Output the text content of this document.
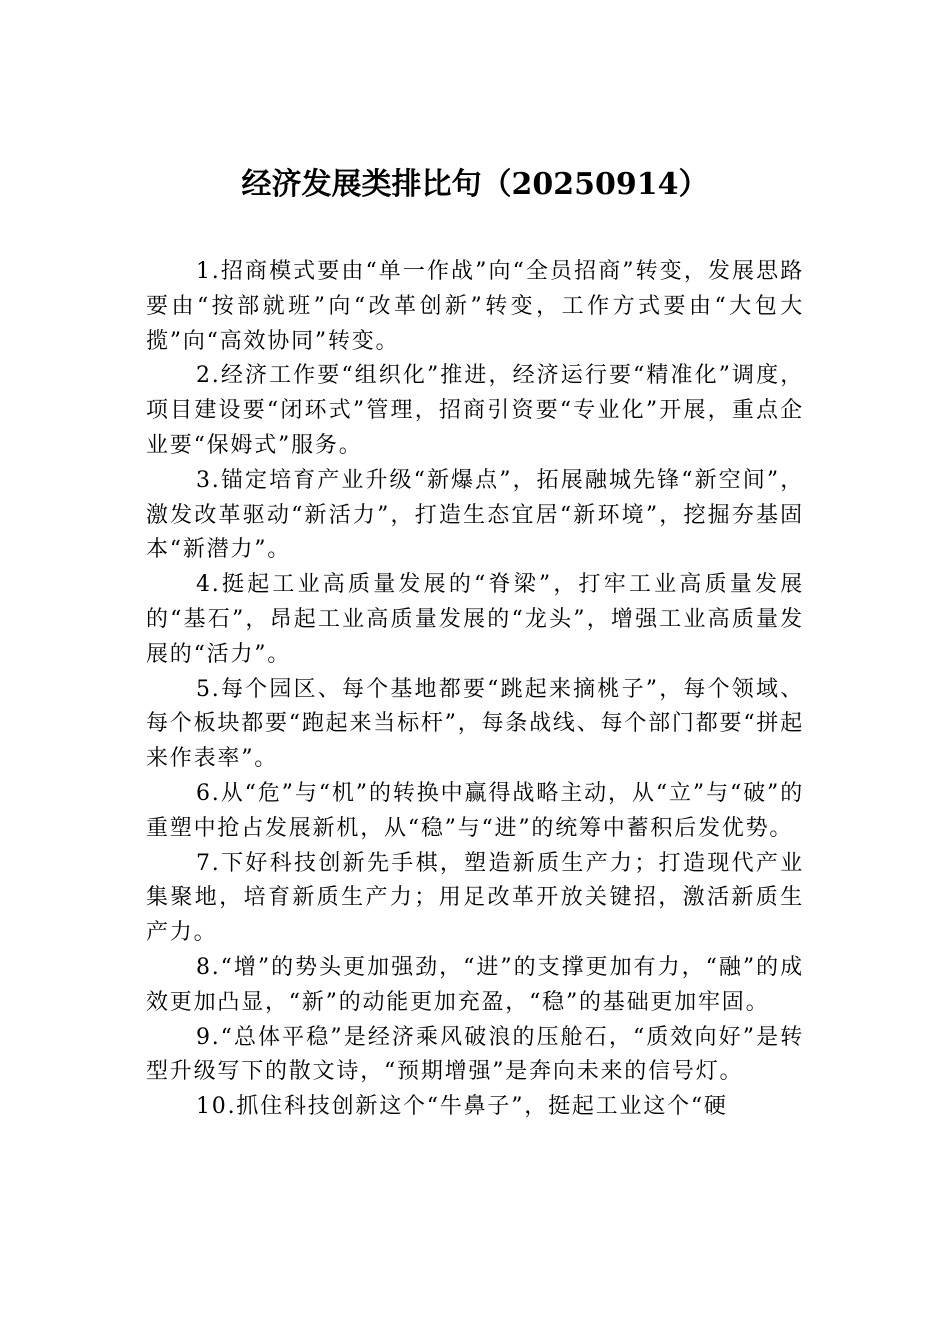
经济发展类排比句（20250914）

1.招商模式要由“单一作战”向“全员招商”转变，发展思路要由“按部就班”向“改革创新”转变，工作方式要由“大包大揽”向“高效协同”转变。

2.经济工作要“组织化”推进，经济运行要“精准化”调度，项目建设要“闭环式”管理，招商引资要“专业化”开展，重点企业要“保姆式”服务。

3.锚定培育产业升级“新爆点”，拓展融城先锋“新空间”，激发改革驱动“新活力”，打造生态宜居“新环境”，挖掘夯基固本“新潜力”。

4.挺起工业高质量发展的“脊梁”，打牢工业高质量发展的“基石”，昂起工业高质量发展的“龙头”，增强工业高质量发展的“活力”。

5.每个园区、每个基地都要“跳起来摘桃子”，每个领域、每个板块都要“跑起来当标杆”，每条战线、每个部门都要“拼起来作表率”。

6.从“危”与“机”的转换中赢得战略主动，从“立”与“破”的重塑中抢占发展新机，从“稳”与“进”的统筹中蓄积后发优势。

7.下好科技创新先手棋，塑造新质生产力；打造现代产业集聚地，培育新质生产力；用足改革开放关键招，激活新质生产力。

8.“增”的势头更加强劲，“进”的支撑更加有力，“融”的成效更加凸显，“新”的动能更加充盈，“稳”的基础更加牢固。

9.“总体平稳”是经济乘风破浪的压舱石，“质效向好”是转型升级写下的散文诗，“预期增强”是奔向未来的信号灯。

10.抓住科技创新这个“牛鼻子”，挺起工业这个“硬
